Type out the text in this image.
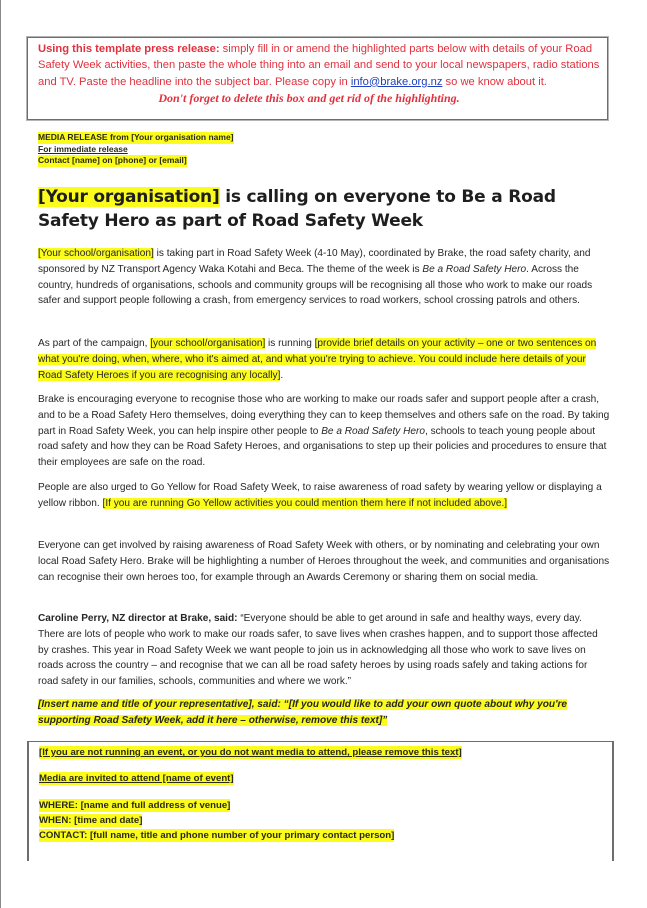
Using this template press release: simply fill in or amend the highlighted parts below with details of your Road Safety Week activities, then paste the whole thing into an email and send to your local newspapers, radio stations and TV. Paste the headline into the subject bar. Please copy in info@brake.org.nz so we know about it.
Don't forget to delete this box and get rid of the highlighting.
MEDIA RELEASE from [Your organisation name]
For immediate release
Contact [name] on [phone] or [email]
[Your organisation] is calling on everyone to Be a Road Safety Hero as part of Road Safety Week
[Your school/organisation] is taking part in Road Safety Week (4-10 May), coordinated by Brake, the road safety charity, and sponsored by NZ Transport Agency Waka Kotahi and Beca. The theme of the week is Be a Road Safety Hero. Across the country, hundreds of organisations, schools and community groups will be recognising all those who work to make our roads safer and support people following a crash, from emergency services to road workers, school crossing patrols and others.
As part of the campaign, [your school/organisation] is running [provide brief details on your activity – one or two sentences on what you're doing, when, where, who it's aimed at, and what you're trying to achieve. You could include here details of your Road Safety Heroes if you are recognising any locally].
Brake is encouraging everyone to recognise those who are working to make our roads safer and support people after a crash, and to be a Road Safety Hero themselves, doing everything they can to keep themselves and others safe on the road. By taking part in Road Safety Week, you can help inspire other people to Be a Road Safety Hero, schools to teach young people about road safety and how they can be Road Safety Heroes, and organisations to step up their policies and procedures to ensure that their employees are safe on the road.
People are also urged to Go Yellow for Road Safety Week, to raise awareness of road safety by wearing yellow or displaying a yellow ribbon. [If you are running Go Yellow activities you could mention them here if not included above.]
Everyone can get involved by raising awareness of Road Safety Week with others, or by nominating and celebrating your own local Road Safety Hero. Brake will be highlighting a number of Heroes throughout the week, and communities and organisations can recognise their own heroes too, for example through an Awards Ceremony or sharing them on social media.
Caroline Perry, NZ director at Brake, said: “Everyone should be able to get around in safe and healthy ways, every day. There are lots of people who work to make our roads safer, to save lives when crashes happen, and to support those affected by crashes. This year in Road Safety Week we want people to join us in acknowledging all those who work to save lives on roads across the country – and recognise that we can all be road safety heroes by using roads safely and taking actions for road safety in our families, schools, communities and where we work.”
[Insert name and title of your representative], said: “[If you would like to add your own quote about why you're supporting Road Safety Week, add it here – otherwise, remove this text]”
[If you are not running an event, or you do not want media to attend, please remove this text]
Media are invited to attend [name of event]
WHERE: [name and full address of venue]
WHEN: [time and date]
CONTACT: [full name, title and phone number of your primary contact person]
